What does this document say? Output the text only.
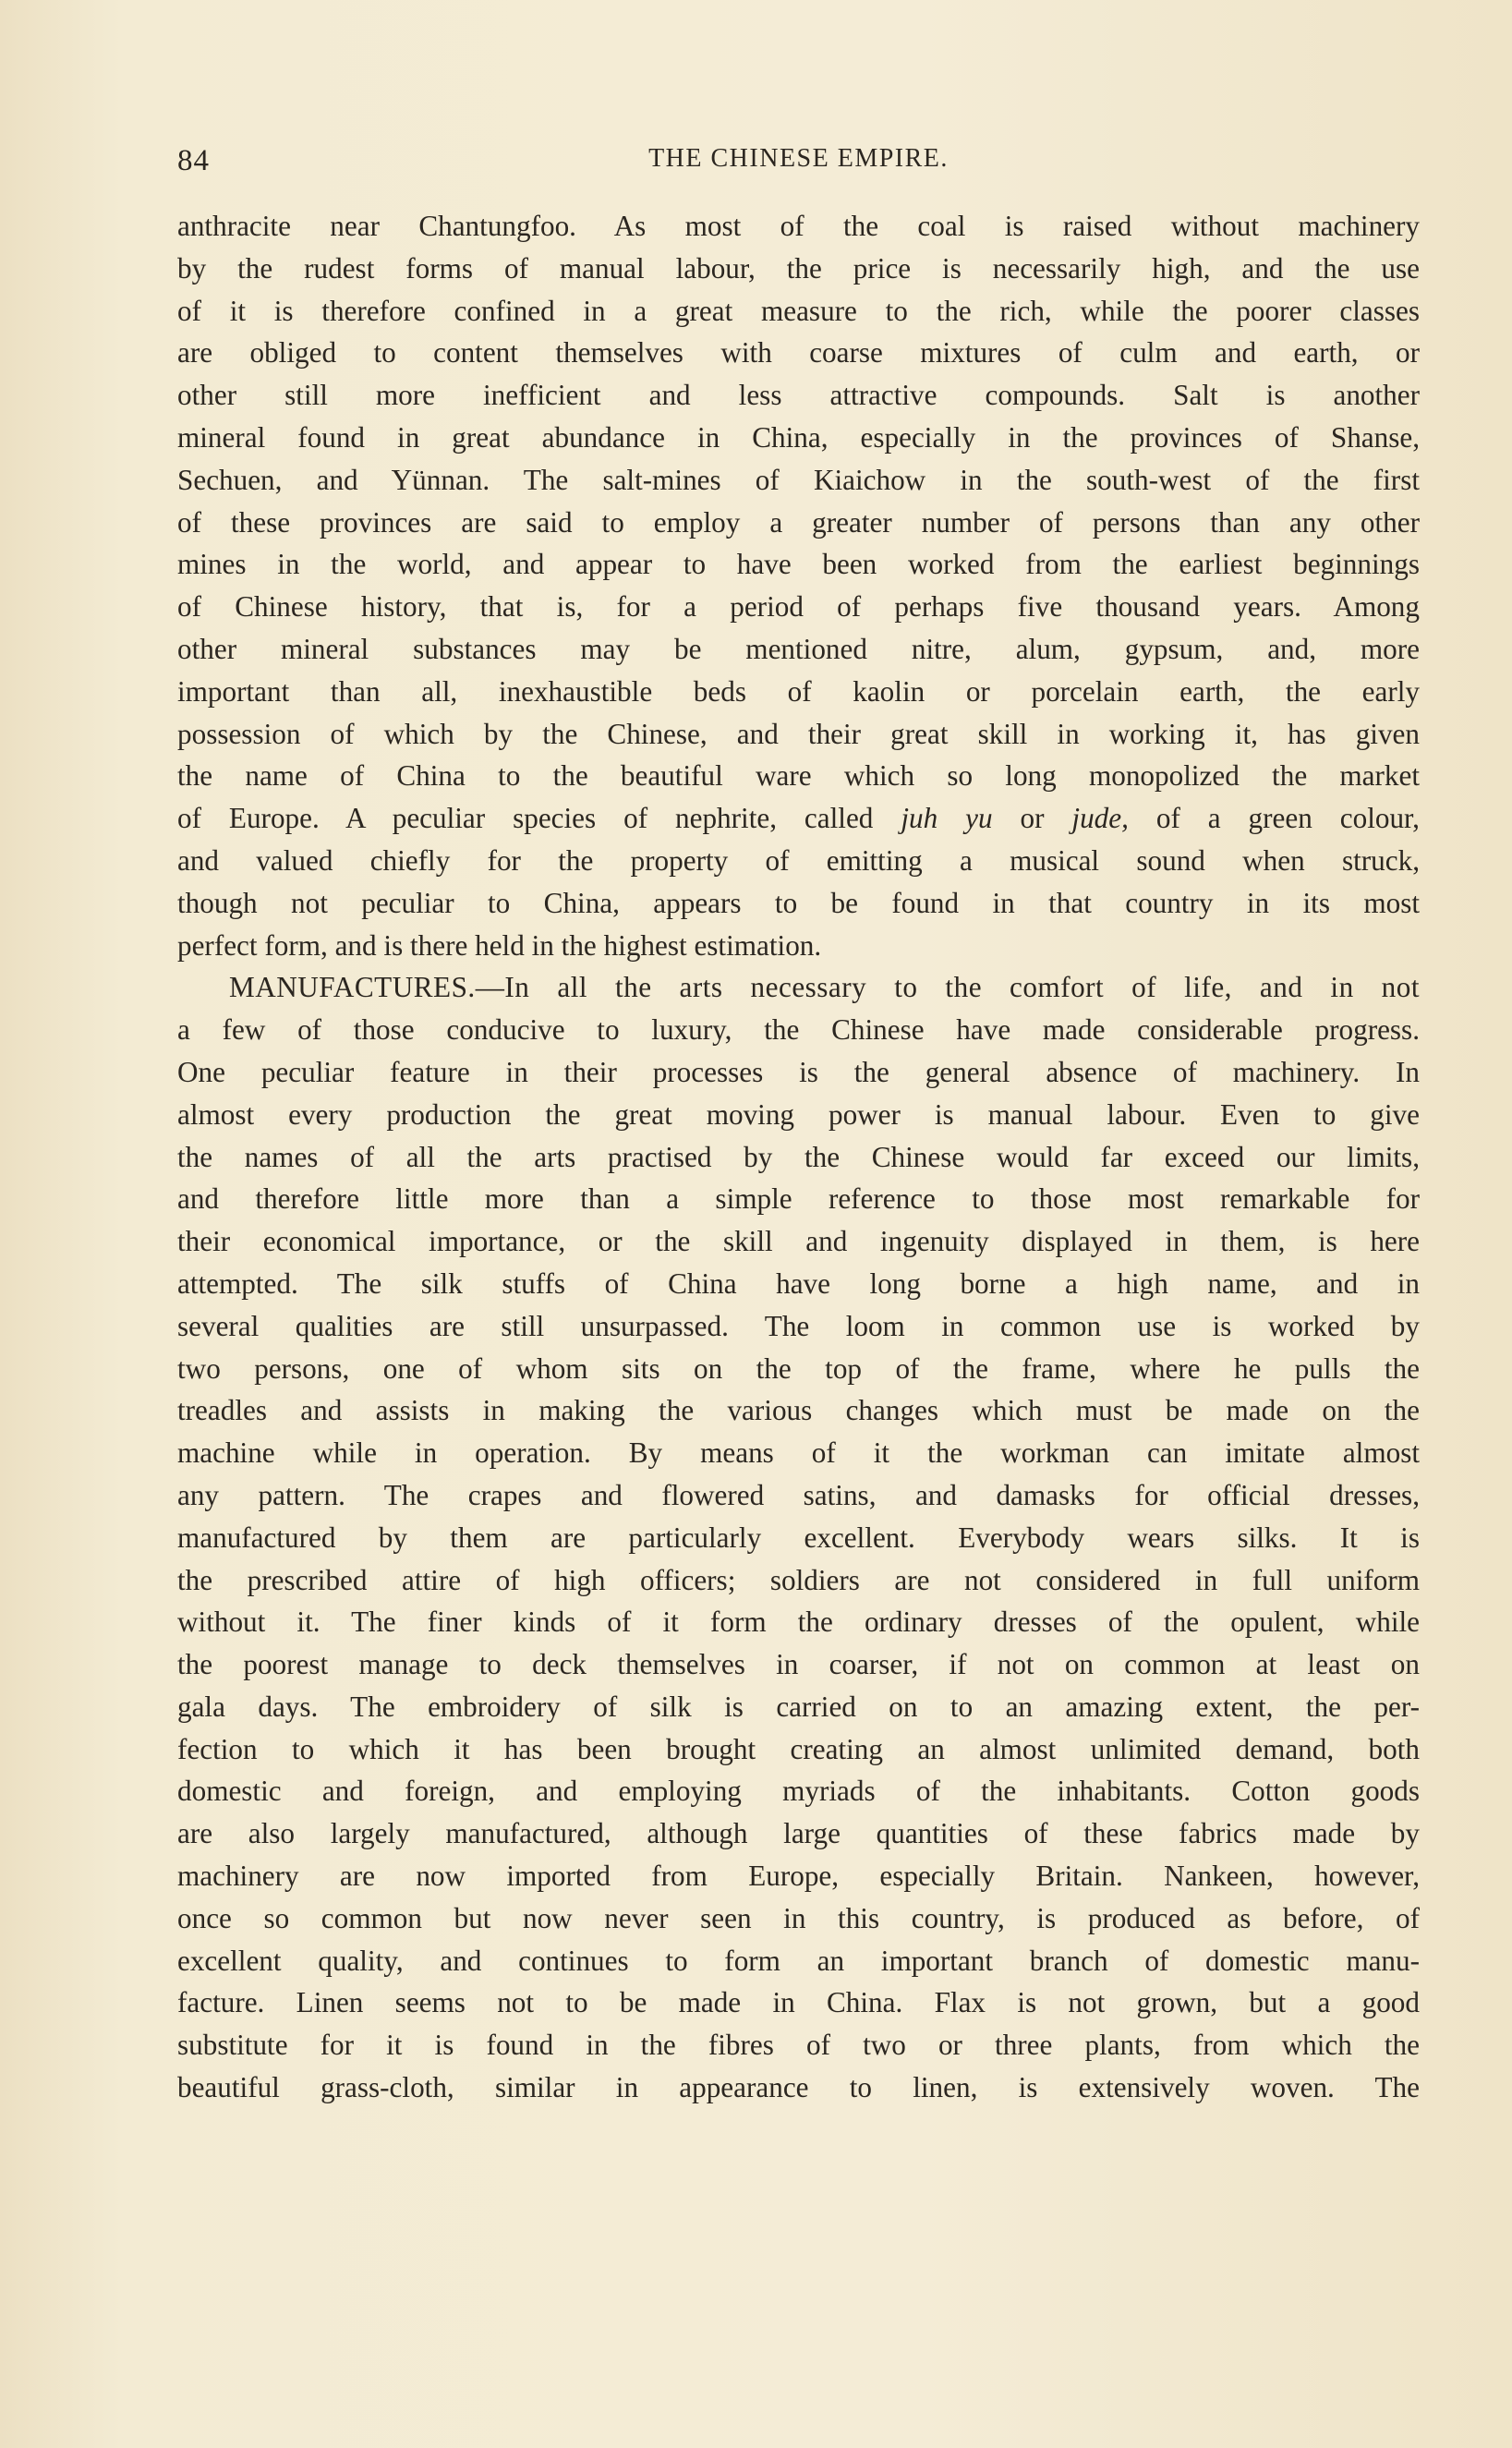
84	THE CHINESE EMPIRE.
anthracite near Chantungfoo. As most of the coal is raised without machinery
by the rudest forms of manual labour, the price is necessarily high, and the use
of it is therefore confined in a great measure to the rich, while the poorer classes
are obliged to content themselves with coarse mixtures of culm and earth, or
other still more inefficient and less attractive compounds. Salt is another
mineral found in great abundance in China, especially in the provinces of Shanse,
Sechuen, and Yünnan. The salt-mines of Kiaichow in the south-west of the first
of these provinces are said to employ a greater number of persons than any other
mines in the world, and appear to have been worked from the earliest beginnings
of Chinese history, that is, for a period of perhaps five thousand years. Among
other mineral substances may be mentioned nitre, alum, gypsum, and, more
important than all, inexhaustible beds of kaolin or porcelain earth, the early
possession of which by the Chinese, and their great skill in working it, has given
the name of China to the beautiful ware which so long monopolized the market
of Europe. A peculiar species of nephrite, called juh yu or jude, of a green colour,
and valued chiefly for the property of emitting a musical sound when struck,
though not peculiar to China, appears to be found in that country in its most
perfect form, and is there held in the highest estimation.
MANUFACTURES.—In all the arts necessary to the comfort of life, and in not
a few of those conducive to luxury, the Chinese have made considerable progress.
One peculiar feature in their processes is the general absence of machinery. In
almost every production the great moving power is manual labour. Even to give
the names of all the arts practised by the Chinese would far exceed our limits,
and therefore little more than a simple reference to those most remarkable for
their economical importance, or the skill and ingenuity displayed in them, is here
attempted. The silk stuffs of China have long borne a high name, and in
several qualities are still unsurpassed. The loom in common use is worked by
two persons, one of whom sits on the top of the frame, where he pulls the
treadles and assists in making the various changes which must be made on the
machine while in operation. By means of it the workman can imitate almost
any pattern. The crapes and flowered satins, and damasks for official dresses,
manufactured by them are particularly excellent. Everybody wears silks. It is
the prescribed attire of high officers; soldiers are not considered in full uniform
without it. The finer kinds of it form the ordinary dresses of the opulent, while
the poorest manage to deck themselves in coarser, if not on common at least on
gala days. The embroidery of silk is carried on to an amazing extent, the per-
fection to which it has been brought creating an almost unlimited demand, both
domestic and foreign, and employing myriads of the inhabitants. Cotton goods
are also largely manufactured, although large quantities of these fabrics made by
machinery are now imported from Europe, especially Britain. Nankeen, however,
once so common but now never seen in this country, is produced as before, of
excellent quality, and continues to form an important branch of domestic manu-
facture. Linen seems not to be made in China. Flax is not grown, but a good
substitute for it is found in the fibres of two or three plants, from which the
beautiful grass-cloth, similar in appearance to linen, is extensively woven. The
